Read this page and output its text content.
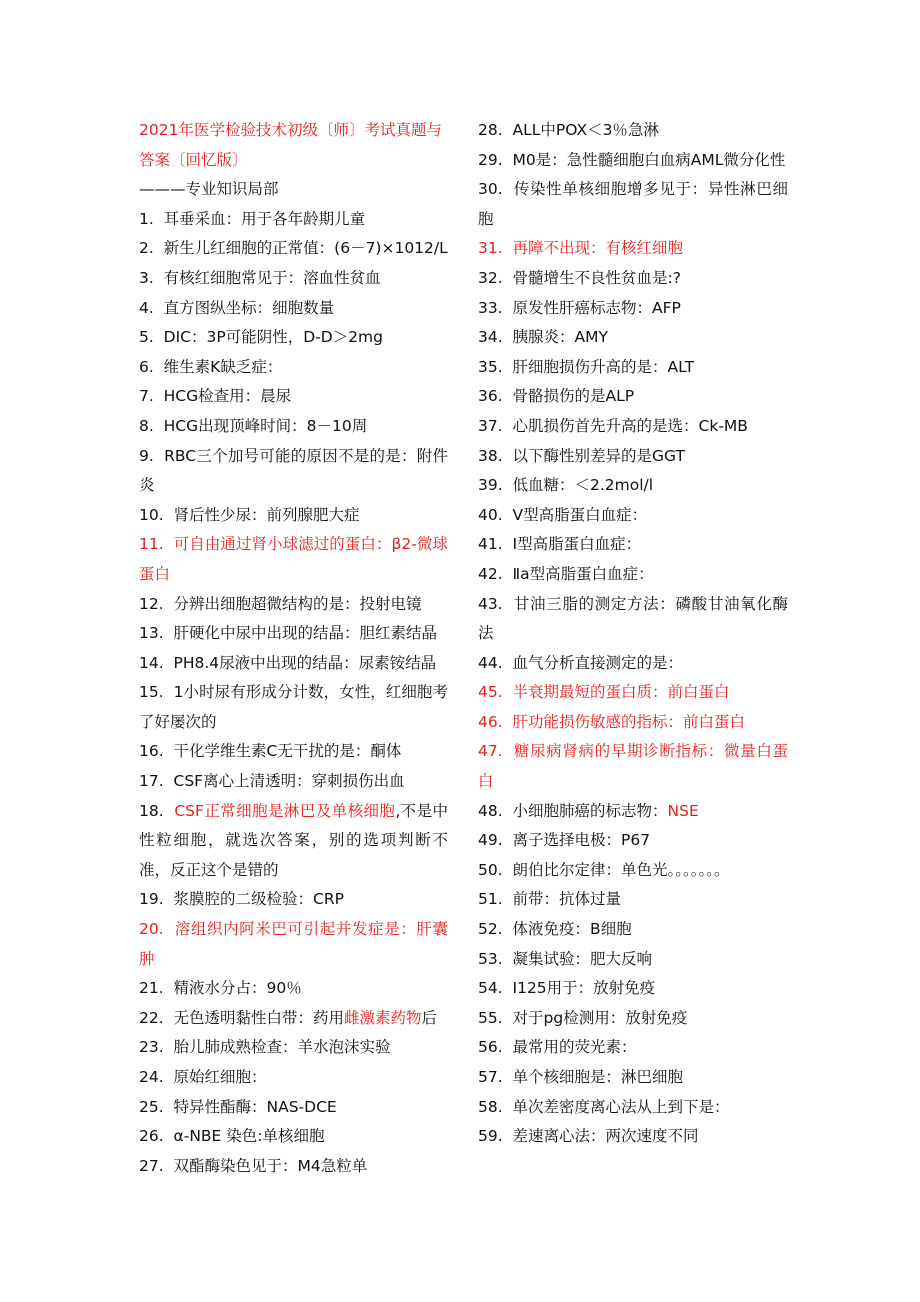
2021年医学检验技术初级〔师〕考试真题与答案〔回忆版〕
———专业知识局部
1. 耳垂采血：用于各年龄期儿童
2. 新生儿红细胞的正常值：(6－7)×1012/L
3. 有核红细胞常见于：溶血性贫血
4. 直方图纵坐标：细胞数量
5. DIC：3P可能阴性，D-D＞2mg
6. 维生素K缺乏症：
7. HCG检查用：晨尿
8. HCG出现顶峰时间：8－10周
9. RBC三个加号可能的原因不是的是：附件炎
10. 肾后性少尿：前列腺肥大症
11. 可自由通过肾小球滤过的蛋白：β2-微球蛋白
12. 分辨出细胞超微结构的是：投射电镜
13. 肝硬化中尿中出现的结晶：胆红素结晶
14. PH8.4尿液中出现的结晶：尿素铵结晶
15. 1小时尿有形成分计数，女性，红细胞考了好屡次的
16. 干化学维生素C无干扰的是：酮体
17. CSF离心上清透明：穿刺损伤出血
18. CSF正常细胞是淋巴及单核细胞,不是中性粒细胞，就选次答案，别的选项判断不准，反正这个是错的
19. 浆膜腔的二级检验：CRP
20. 溶组织内阿米巴可引起并发症是：肝囊肿
21. 精液水分占：90％
22. 无色透明黏性白带：药用雌激素药物后
23. 胎儿肺成熟检查：羊水泡沫实验
24. 原始红细胞：
25. 特异性酯酶：NAS-DCE
26. α-NBE 染色:单核细胞
27. 双酯酶染色见于：M4急粒单
28. ALL中POX＜3％急淋
29. M0是：急性髓细胞白血病AML微分化性
30. 传染性单核细胞增多见于：异性淋巴细胞
31. 再障不出现：有核红细胞
32. 骨髓增生不良性贫血是:?
33. 原发性肝癌标志物：AFP
34. 胰腺炎：AMY
35. 肝细胞损伤升高的是：ALT
36. 骨骼损伤的是ALP
37. 心肌损伤首先升高的是选：Ck-MB
38. 以下酶性别差异的是GGT
39. 低血糖：＜2.2mol/l
40. Ⅴ型高脂蛋白血症：
41. Ⅰ型高脂蛋白血症：
42. Ⅱa型高脂蛋白血症：
43. 甘油三脂的测定方法：磷酸甘油氧化酶法
44. 血气分析直接测定的是：
45. 半衰期最短的蛋白质：前白蛋白
46. 肝功能损伤敏感的指标：前白蛋白
47. 糖尿病肾病的早期诊断指标：微量白蛋白
48. 小细胞肺癌的标志物：NSE
49. 离子选择电极：P67
50. 朗伯比尔定律：单色光。。。。。。。
51. 前带：抗体过量
52. 体液免疫：B细胞
53. 凝集试验：肥大反响
54. I125用于：放射免疫
55. 对于pg检测用：放射免疫
56. 最常用的荧光素：
57. 单个核细胞是：淋巴细胞
58. 单次差密度离心法从上到下是：
59. 差速离心法：两次速度不同
